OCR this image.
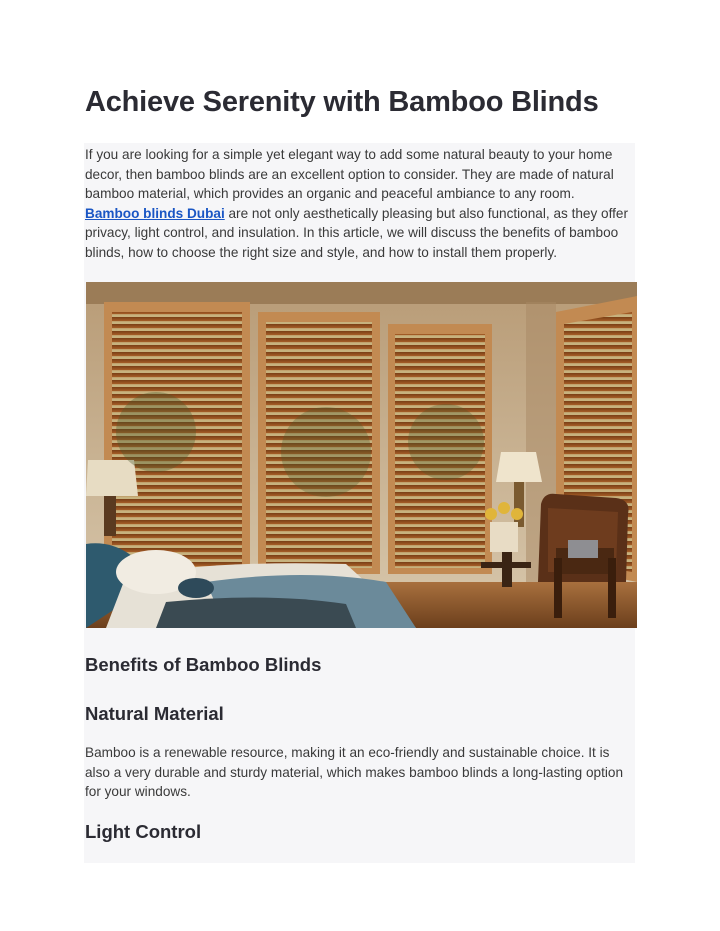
Achieve Serenity with Bamboo Blinds

If you are looking for a simple yet elegant way to add some natural beauty to your home decor, then bamboo blinds are an excellent option to consider. They are made of natural bamboo material, which provides an organic and peaceful ambiance to any room.
Bamboo blinds Dubai are not only aesthetically pleasing but also functional, as they offer privacy, light control, and insulation. In this article, we will discuss the benefits of bamboo blinds, how to choose the right size and style, and how to install them properly.

Benefits of Bamboo Blinds
Natural Material

Bamboo is a renewable resource, making it an eco-friendly and sustainable choice. It is also a very durable and sturdy material, which makes bamboo blinds a long-lasting option for your windows.

Light Control
